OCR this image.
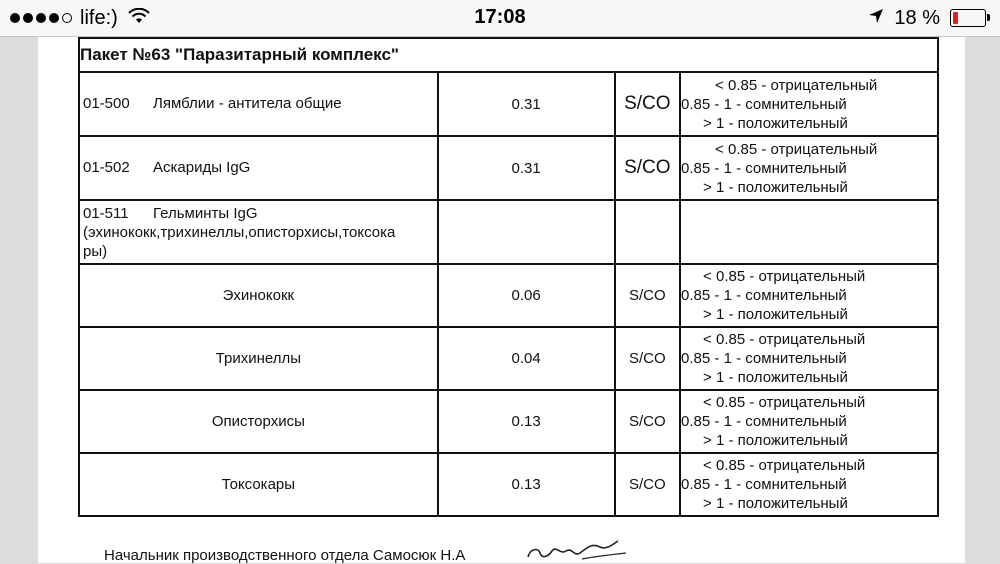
life:)	17:08	18 %
Пакет №63 "Паразитарный комплекс"			
01-500 Лямблии - антитела общие	0.31	S/CO	< 0.85 - отрицательный
0.85 - 1 - сомнительный
> 1 - положительный

01-502 Аскариды IgG	0.31	S/CO	< 0.85 - отрицательный
0.85 - 1 - сомнительный
> 1 - положительный

01-511 Гельминты IgG
(эхинококк,трихинеллы,описторхисы,токсока
ры)			

Эхинококк	0.06	S/CO	< 0.85 - отрицательный
0.85 - 1 - сомнительный
> 1 - положительный

Трихинеллы	0.04	S/CO	< 0.85 - отрицательный
0.85 - 1 - сомнительный
> 1 - положительный

Описторхисы	0.13	S/CO	< 0.85 - отрицательный
0.85 - 1 - сомнительный
> 1 - положительный

Токсокары	0.13	S/CO	< 0.85 - отрицательный
0.85 - 1 - сомнительный
> 1 - положительный
Начальник производственного отдела Самосюк Н.А
